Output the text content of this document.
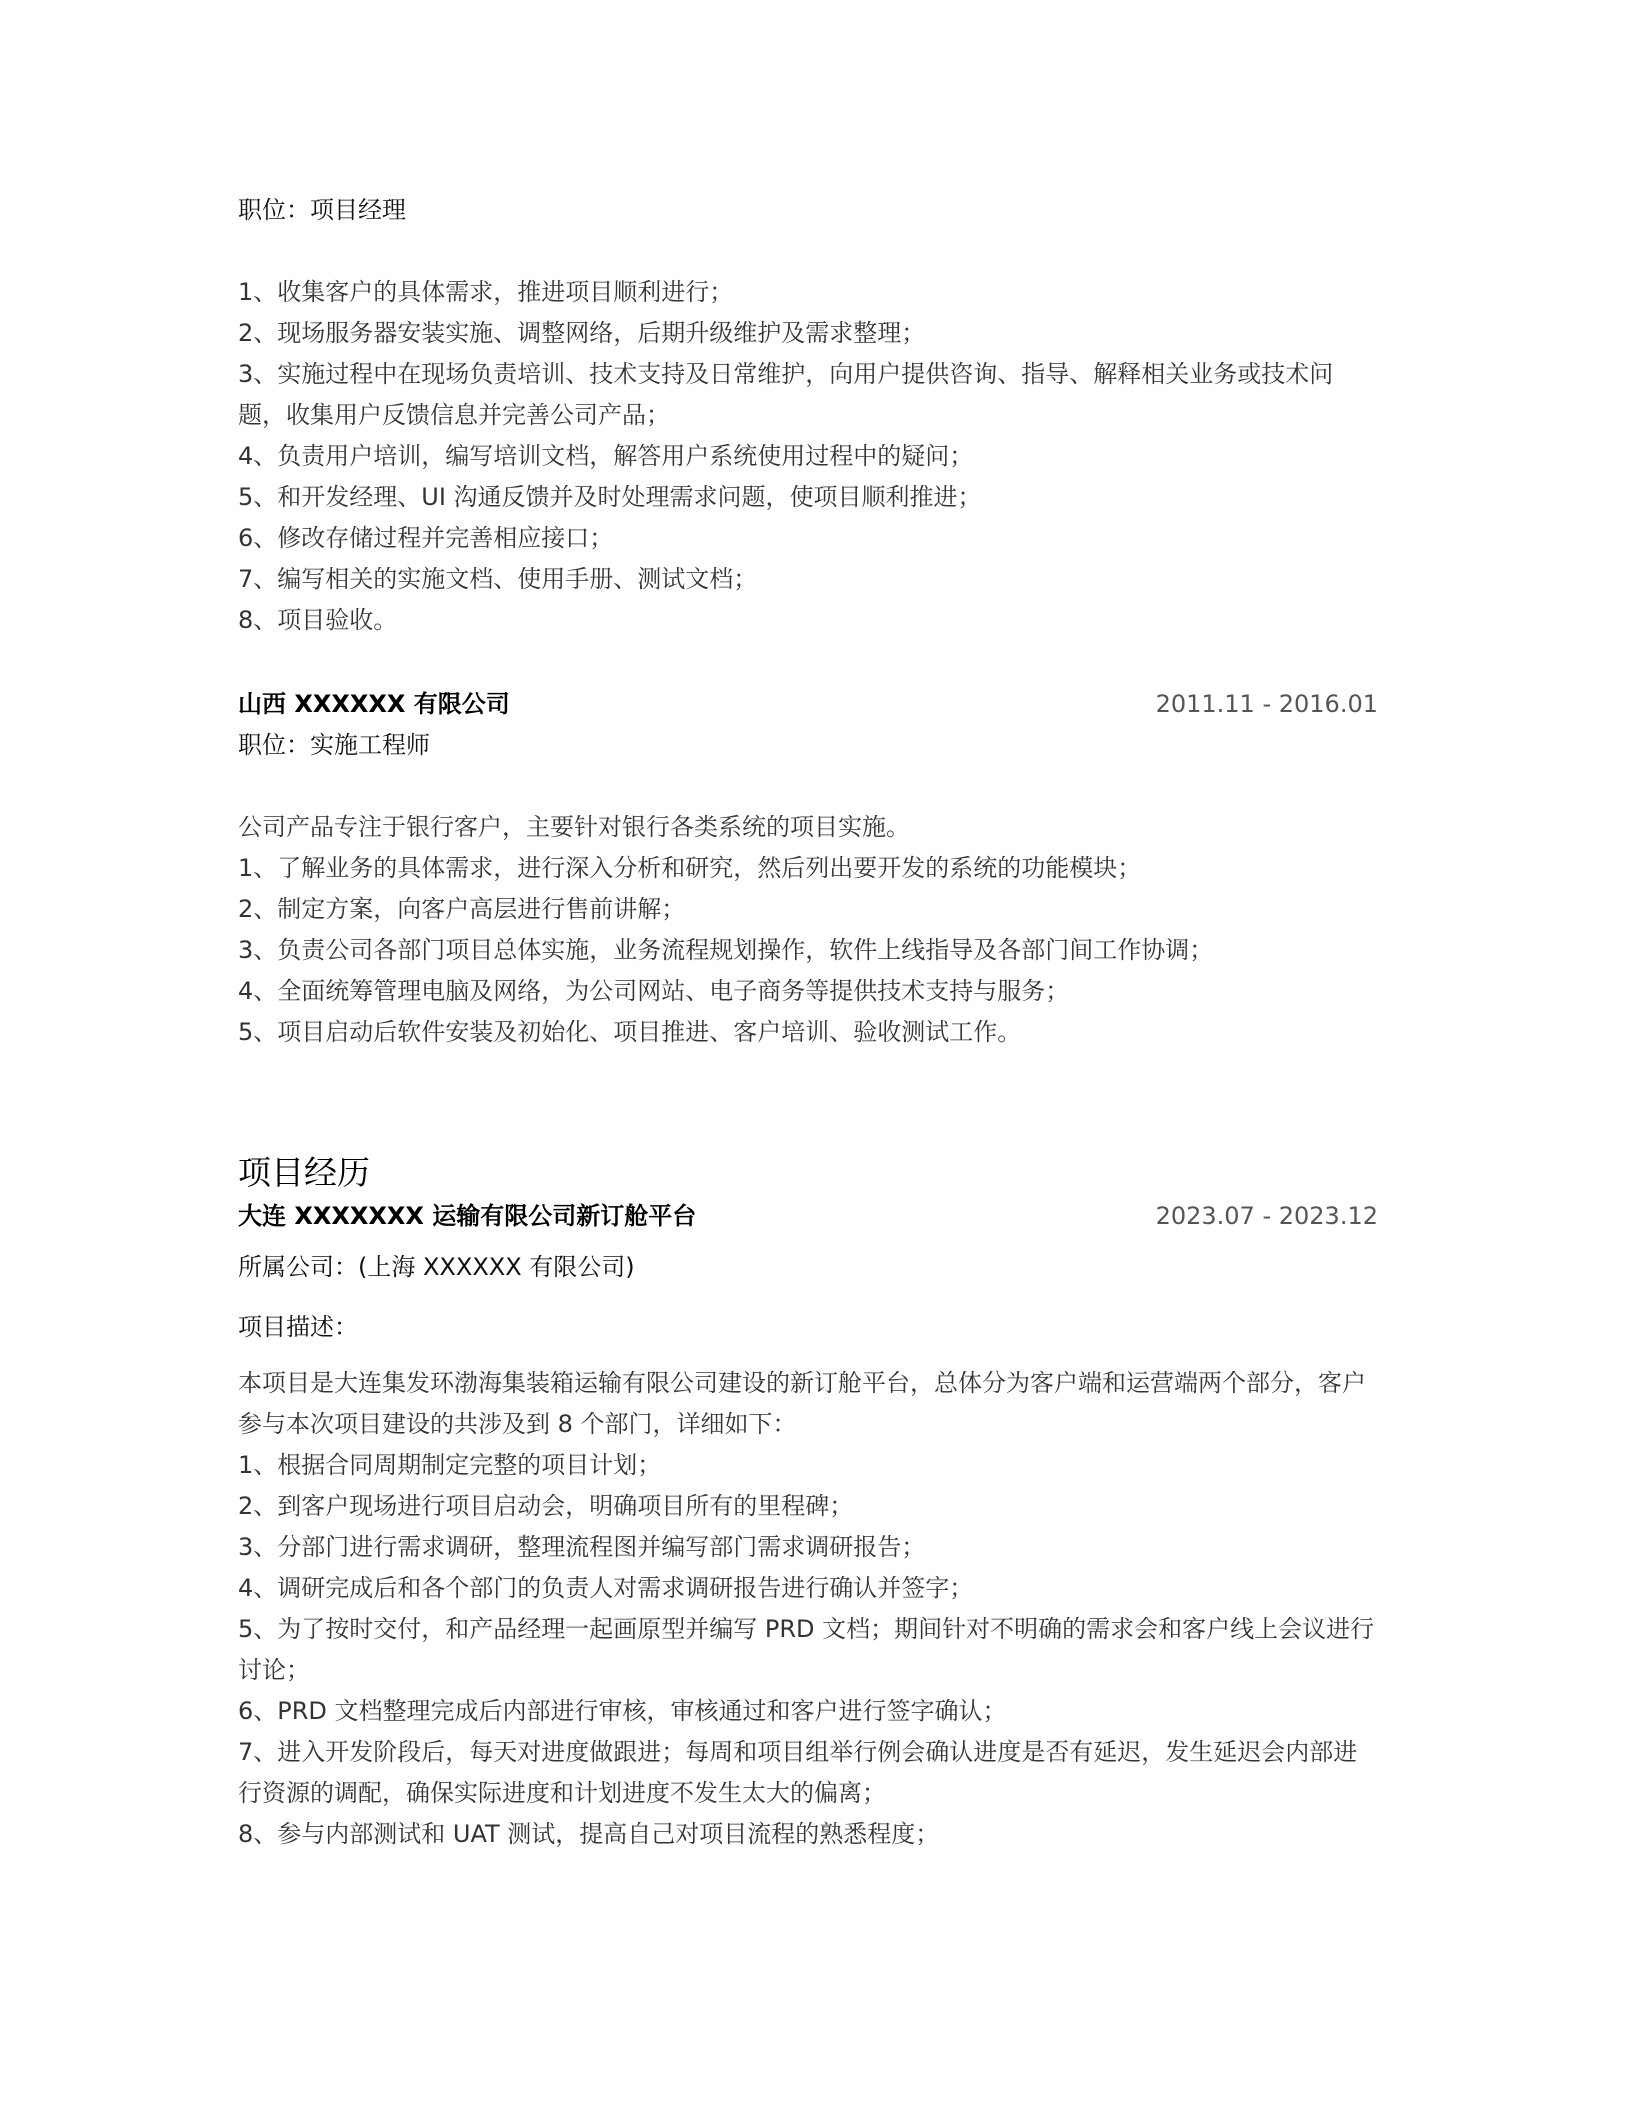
职位：项目经理

1、收集客户的具体需求，推进项目顺利进行；

2、现场服务器安装实施、调整网络，后期升级维护及需求整理；

3、实施过程中在现场负责培训、技术支持及日常维护，向用户提供咨询、指导、解释相关业务或技术问题，收集用户反馈信息并完善公司产品；

4、负责用户培训，编写培训文档，解答用户系统使用过程中的疑问；

5、和开发经理、UI 沟通反馈并及时处理需求问题，使项目顺利推进；

6、修改存储过程并完善相应接口；

7、编写相关的实施文档、使用手册、测试文档；

8、项目验收。

山西 XXXXXX 有限公司	2011.11 - 2016.01
职位：实施工程师

公司产品专注于银行客户，主要针对银行各类系统的项目实施。

1、了解业务的具体需求，进行深入分析和研究，然后列出要开发的系统的功能模块；

2、制定方案，向客户高层进行售前讲解；

3、负责公司各部门项目总体实施，业务流程规划操作，软件上线指导及各部门间工作协调；

4、全面统筹管理电脑及网络，为公司网站、电子商务等提供技术支持与服务；

5、项目启动后软件安装及初始化、项目推进、客户培训、验收测试工作。

项目经历
大连 XXXXXXX 运输有限公司新订舱平台	2023.07 - 2023.12
所属公司：(上海 XXXXXX 有限公司)
项目描述：

本项目是大连集发环渤海集装箱运输有限公司建设的新订舱平台，总体分为客户端和运营端两个部分，客户参与本次项目建设的共涉及到 8 个部门，详细如下：

1、根据合同周期制定完整的项目计划；

2、到客户现场进行项目启动会，明确项目所有的里程碑；

3、分部门进行需求调研，整理流程图并编写部门需求调研报告；

4、调研完成后和各个部门的负责人对需求调研报告进行确认并签字；

5、为了按时交付，和产品经理一起画原型并编写 PRD 文档；期间针对不明确的需求会和客户线上会议进行讨论；

6、PRD 文档整理完成后内部进行审核，审核通过和客户进行签字确认；

7、进入开发阶段后，每天对进度做跟进；每周和项目组举行例会确认进度是否有延迟，发生延迟会内部进行资源的调配，确保实际进度和计划进度不发生太大的偏离；

8、参与内部测试和 UAT 测试，提高自己对项目流程的熟悉程度；
